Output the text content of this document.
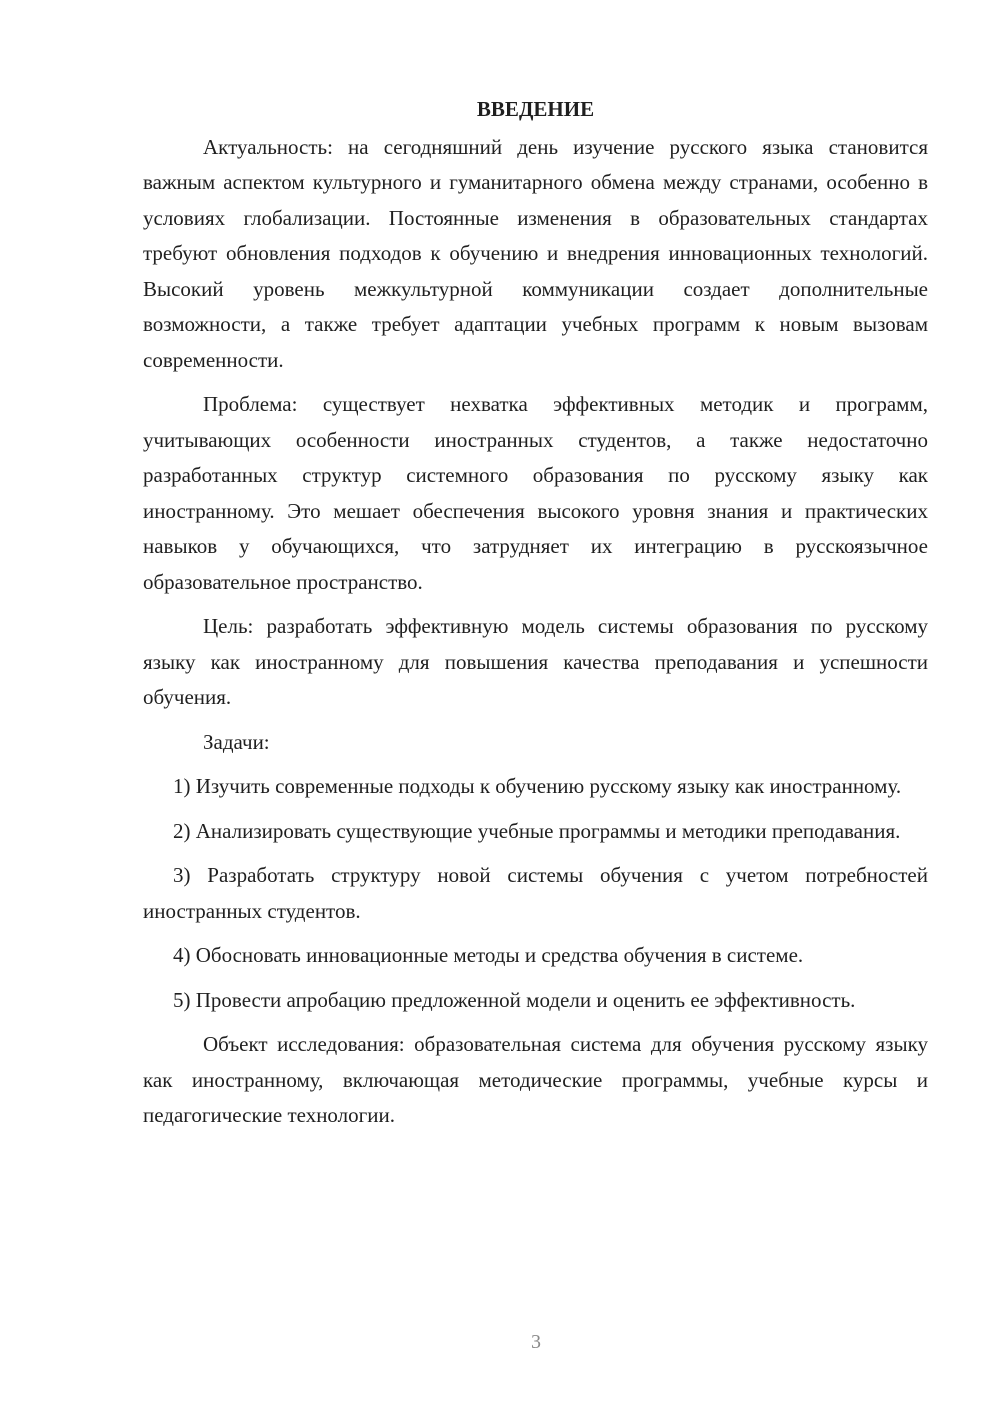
ВВЕДЕНИЕ

Актуальность: на сегодняшний день изучение русского языка становится важным аспектом культурного и гуманитарного обмена между странами, особенно в условиях глобализации. Постоянные изменения в образовательных стандартах требуют обновления подходов к обучению и внедрения инновационных технологий. Высокий уровень межкультурной коммуникации создает дополнительные возможности, а также требует адаптации учебных программ к новым вызовам современности.

Проблема: существует нехватка эффективных методик и программ, учитывающих особенности иностранных студентов, а также недостаточно разработанных структур системного образования по русскому языку как иностранному. Это мешает обеспечения высокого уровня знания и практических навыков у обучающихся, что затрудняет их интеграцию в русскоязычное образовательное пространство.

Цель: разработать эффективную модель системы образования по русскому языку как иностранному для повышения качества преподавания и успешности обучения.

Задачи:

1) Изучить современные подходы к обучению русскому языку как иностранному.

2) Анализировать существующие учебные программы и методики преподавания.

3) Разработать структуру новой системы обучения с учетом потребностей иностранных студентов.

4) Обосновать инновационные методы и средства обучения в системе.

5) Провести апробацию предложенной модели и оценить ее эффективность.

Объект исследования: образовательная система для обучения русскому языку как иностранному, включающая методические программы, учебные курсы и педагогические технологии.

3
